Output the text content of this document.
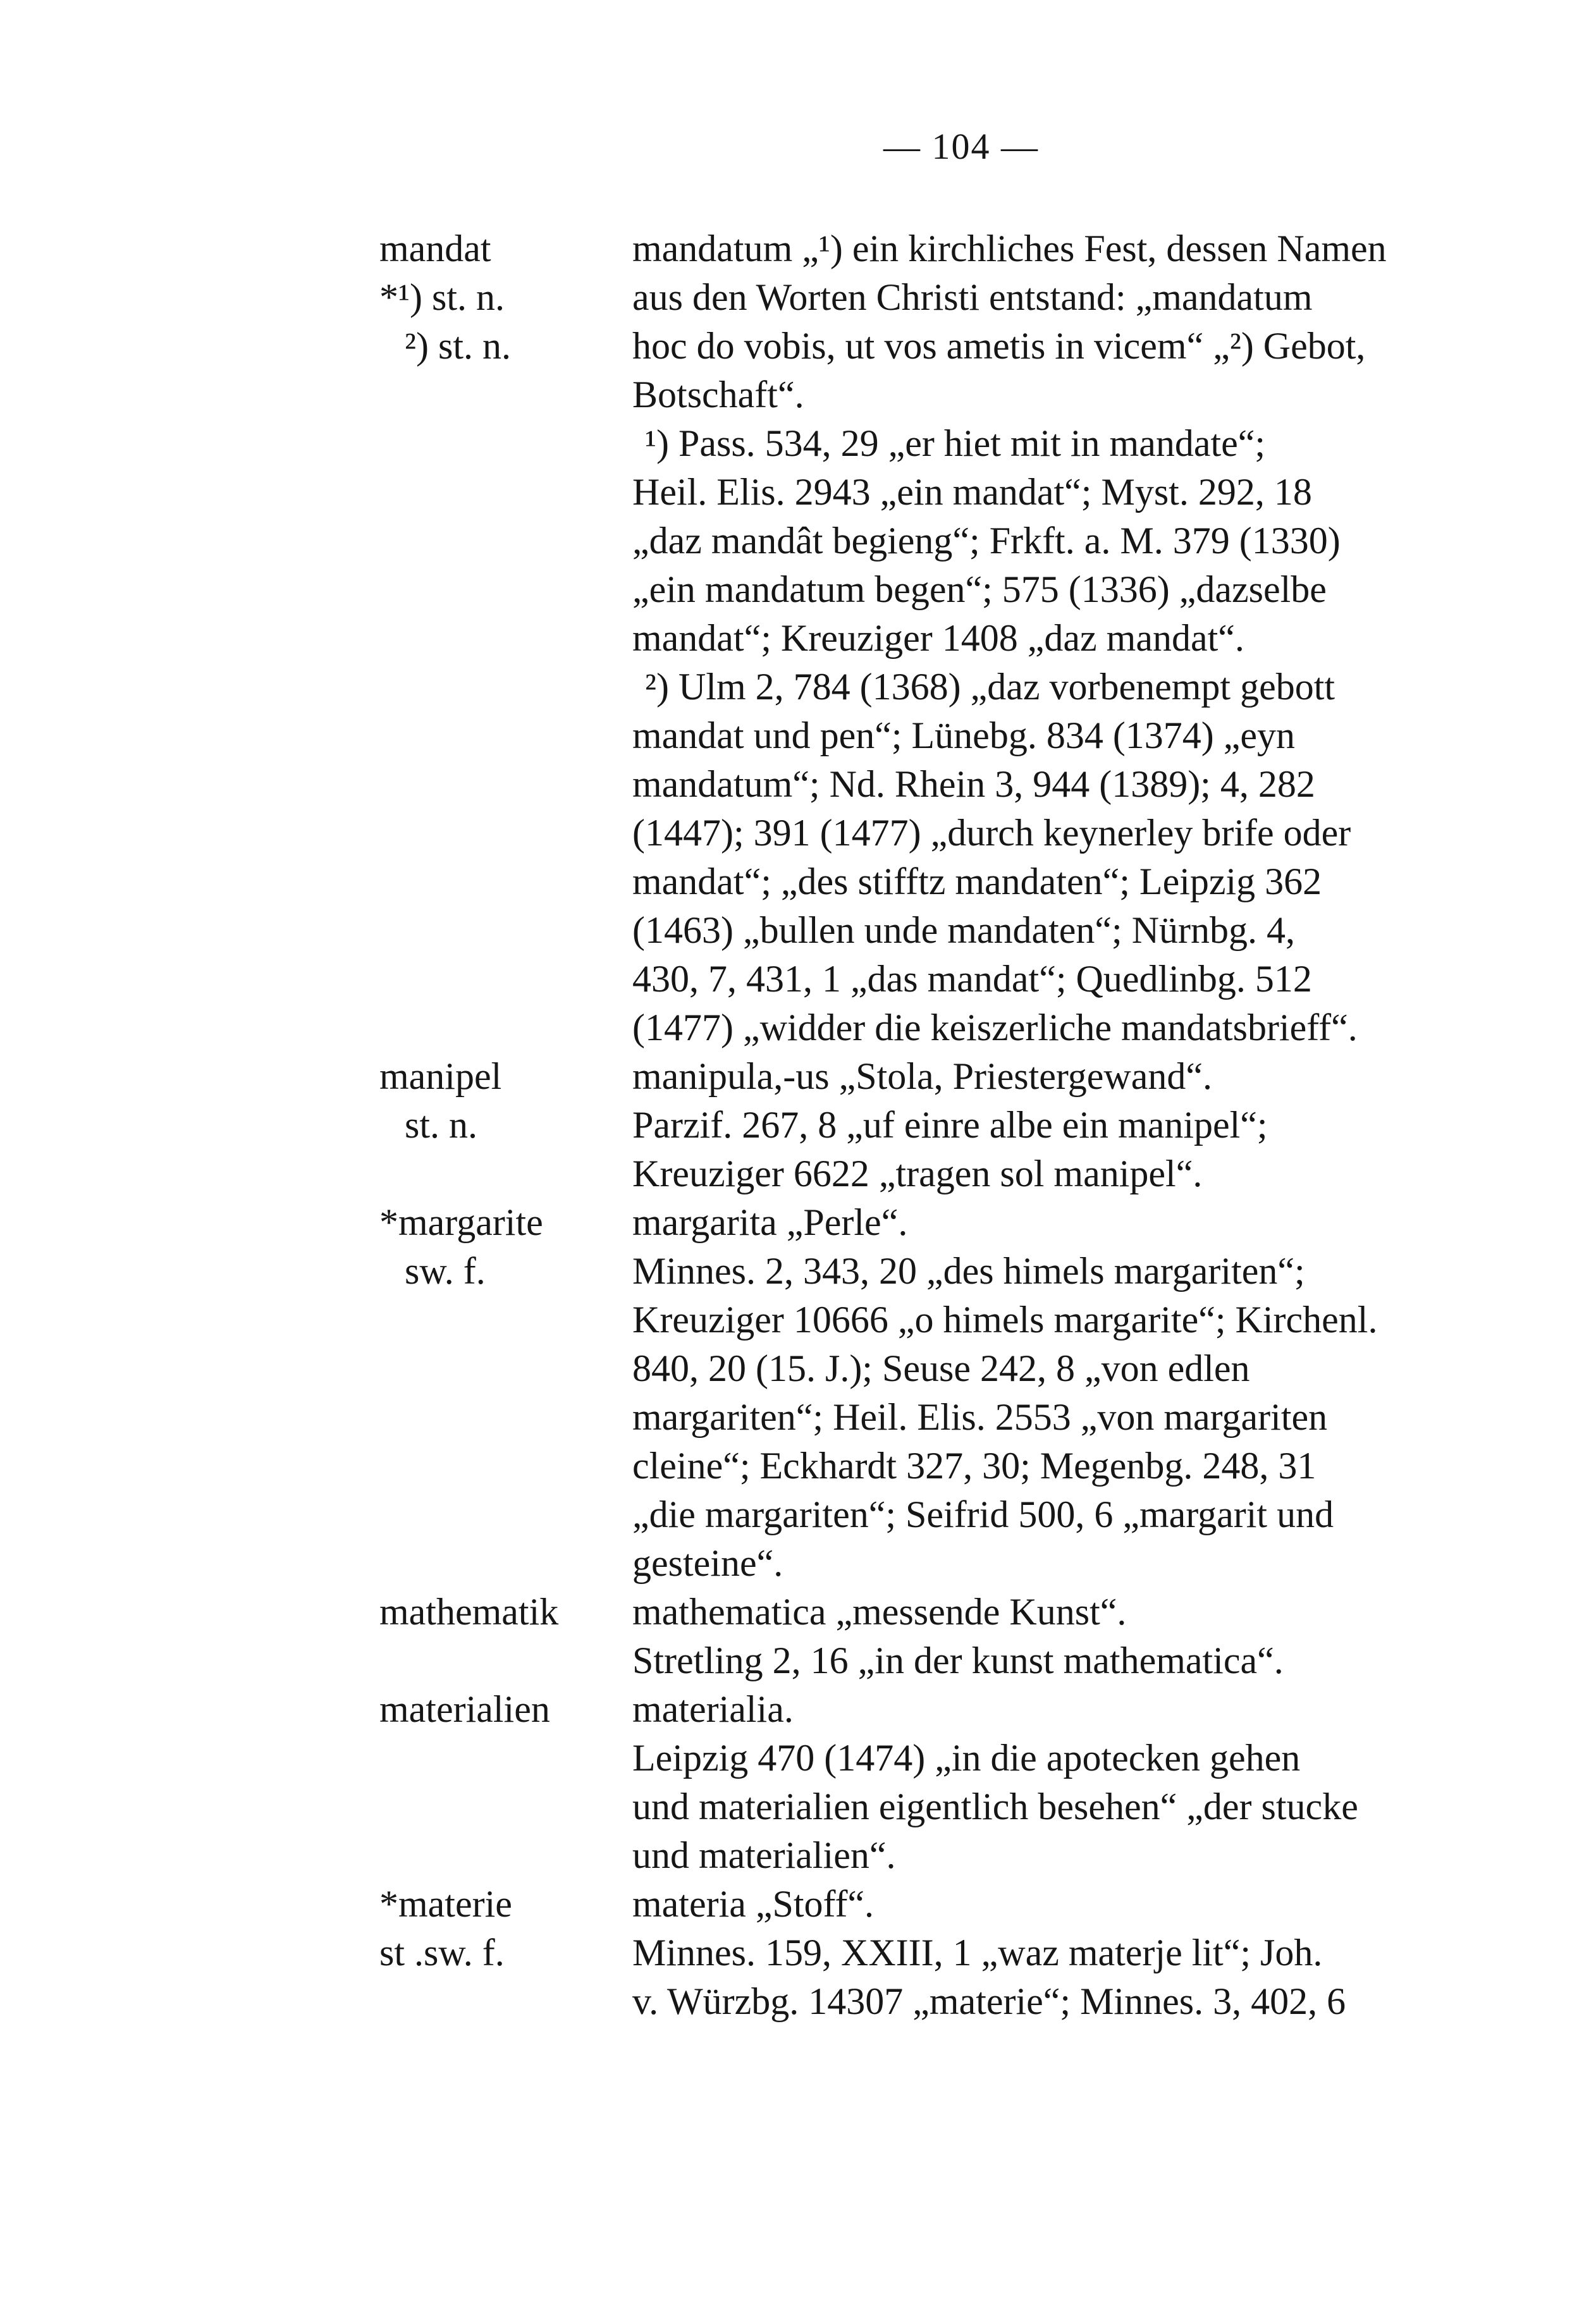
— 104 —
mandat
*¹) st. n.
²) st. n.
mandatum „¹) ein kirchliches Fest, dessen Namen
aus den Worten Christi entstand: „mandatum
hoc do vobis, ut vos ametis in vicem“ „²) Gebot,
Botschaft“.
¹) Pass. 534, 29 „er hiet mit in mandate“;
Heil. Elis. 2943 „ein mandat“; Myst. 292, 18
„daz mandât begieng“; Frkft. a. M. 379 (1330)
„ein mandatum begen“; 575 (1336) „dazselbe
mandat“; Kreuziger 1408 „daz mandat“.
²) Ulm 2, 784 (1368) „daz vorbenempt gebott
mandat und pen“; Lünebg. 834 (1374) „eyn
mandatum“; Nd. Rhein 3, 944 (1389); 4, 282
(1447); 391 (1477) „durch keynerley brife oder
mandat“; „des stifftz mandaten“; Leipzig 362
(1463) „bullen unde mandaten“; Nürnbg. 4,
430, 7, 431, 1 „das mandat“; Quedlinbg. 512
(1477) „widder die keiszerliche mandatsbrieff“.
manipel
st. n.
manipula,-us „Stola, Priestergewand“.
Parzif. 267, 8 „uf einre albe ein manipel“;
Kreuziger 6622 „tragen sol manipel“.
*margarite
sw. f.
margarita „Perle“.
Minnes. 2, 343, 20 „des himels margariten“;
Kreuziger 10666 „o himels margarite“; Kirchenl.
840, 20 (15. J.); Seuse 242, 8 „von edlen
margariten“; Heil. Elis. 2553 „von margariten
cleine“; Eckhardt 327, 30; Megenbg. 248, 31
„die margariten“; Seifrid 500, 6 „margarit und
gesteine“.
mathematik	mathematica „messende Kunst“.
Stretling 2, 16 „in der kunst mathematica“.
materialien	materialia.
Leipzig 470 (1474) „in die apotecken gehen
und materialien eigentlich besehen“ „der stucke
und materialien“.
*materie
st .sw. f.
materia „Stoff“.
Minnes. 159, XXIII, 1 „waz materje lit“; Joh.
v. Würzbg. 14307 „materie“; Minnes. 3, 402, 6
